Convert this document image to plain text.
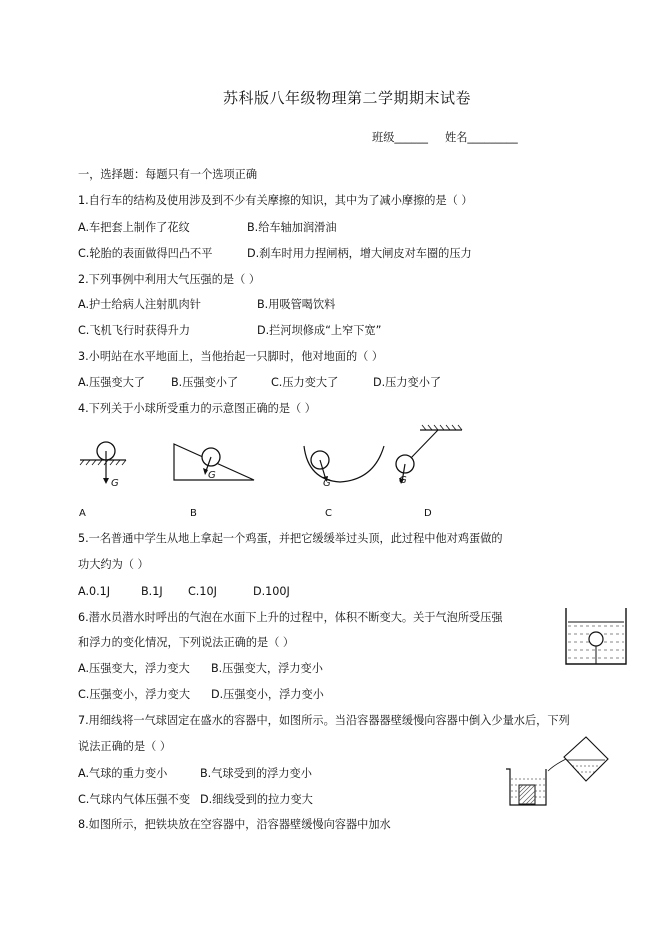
苏科版八年级物理第二学期期末试卷
班级______ 姓名_________
一，选择题：每题只有一个选项正确
1.自行车的结构及使用涉及到不少有关摩擦的知识，其中为了减小摩擦的是（ ）
A.车把套上制作了花纹	B.给车轴加润滑油
C.轮胎的表面做得凹凸不平	D.刹车时用力捏闸柄，增大闸皮对车圈的压力
2.下列事例中利用大气压强的是（ ）
A.护士给病人注射肌肉针	B.用吸管喝饮料
C.飞机飞行时获得升力	D.拦河坝修成“上窄下宽”
3.小明站在水平地面上，当他抬起一只脚时，他对地面的（ ）
A.压强变大了 B.压强变小了	C.压力变大了	D.压力变小了
4.下列关于小球所受重力的示意图正确的是（ ）
G
G
G	G
A	B	C	D
5.一名普通中学生从地上拿起一个鸡蛋，并把它缓缓举过头顶，此过程中他对鸡蛋做的
功大约为（ ）
A.0.1J	B.1J C.10J	D.100J
6.潜水员潜水时呼出的气泡在水面下上升的过程中，体积不断变大。关于气泡所受压强
和浮力的变化情况，下列说法正确的是（ ）
A.压强变大，浮力变大 B.压强变大，浮力变小
C.压强变小，浮力变大 D.压强变小，浮力变小
7.用细线将一气球固定在盛水的容器中，如图所示。当沿容器器壁缓慢向容器中倒入少量水后，下列
说法正确的是（ ）
A.气球的重力变小	B.气球受到的浮力变小
C.气球内气体压强不变 D.细线受到的拉力变大
8.如图所示，把铁块放在空容器中，沿容器壁缓慢向容器中加水
